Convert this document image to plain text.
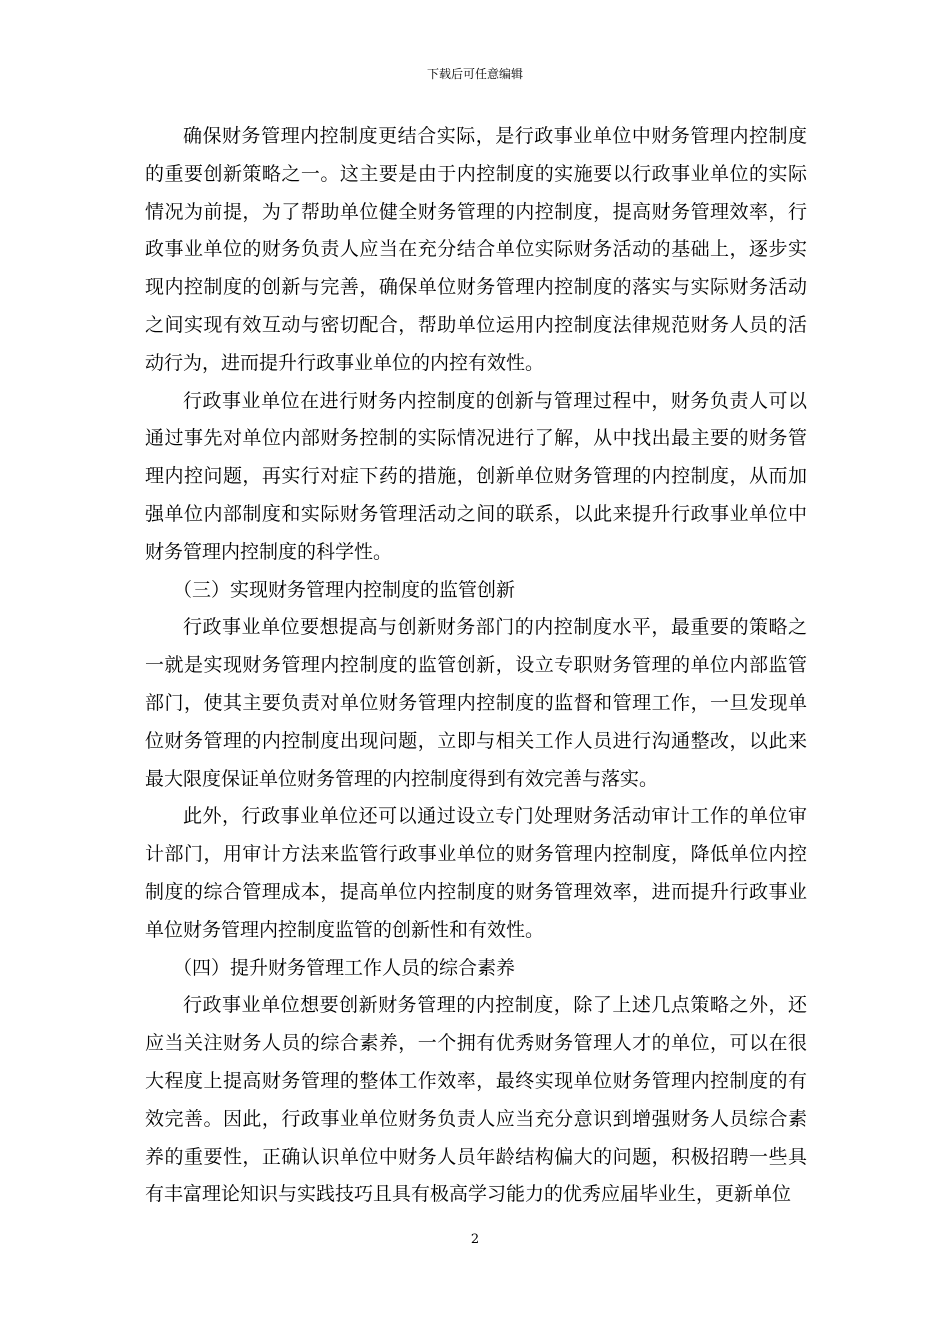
下载后可任意编辑

确保财务管理内控制度更结合实际，是行政事业单位中财务管理内控制度的重要创新策略之一。这主要是由于内控制度的实施要以行政事业单位的实际情况为前提，为了帮助单位健全财务管理的内控制度，提高财务管理效率，行政事业单位的财务负责人应当在充分结合单位实际财务活动的基础上，逐步实现内控制度的创新与完善，确保单位财务管理内控制度的落实与实际财务活动之间实现有效互动与密切配合，帮助单位运用内控制度法律规范财务人员的活动行为，进而提升行政事业单位的内控有效性。

行政事业单位在进行财务内控制度的创新与管理过程中，财务负责人可以通过事先对单位内部财务控制的实际情况进行了解，从中找出最主要的财务管理内控问题，再实行对症下药的措施，创新单位财务管理的内控制度，从而加强单位内部制度和实际财务管理活动之间的联系，以此来提升行政事业单位中财务管理内控制度的科学性。

（三）实现财务管理内控制度的监管创新

行政事业单位要想提高与创新财务部门的内控制度水平，最重要的策略之一就是实现财务管理内控制度的监管创新，设立专职财务管理的单位内部监管部门，使其主要负责对单位财务管理内控制度的监督和管理工作，一旦发现单位财务管理的内控制度出现问题，立即与相关工作人员进行沟通整改，以此来最大限度保证单位财务管理的内控制度得到有效完善与落实。

此外，行政事业单位还可以通过设立专门处理财务活动审计工作的单位审计部门，用审计方法来监管行政事业单位的财务管理内控制度，降低单位内控制度的综合管理成本，提高单位内控制度的财务管理效率，进而提升行政事业单位财务管理内控制度监管的创新性和有效性。

（四）提升财务管理工作人员的综合素养

行政事业单位想要创新财务管理的内控制度，除了上述几点策略之外，还应当关注财务人员的综合素养，一个拥有优秀财务管理人才的单位，可以在很大程度上提高财务管理的整体工作效率，最终实现单位财务管理内控制度的有效完善。因此，行政事业单位财务负责人应当充分意识到增强财务人员综合素养的重要性，正确认识单位中财务人员年龄结构偏大的问题，积极招聘一些具有丰富理论知识与实践技巧且具有极高学习能力的优秀应届毕业生，更新单位

2
